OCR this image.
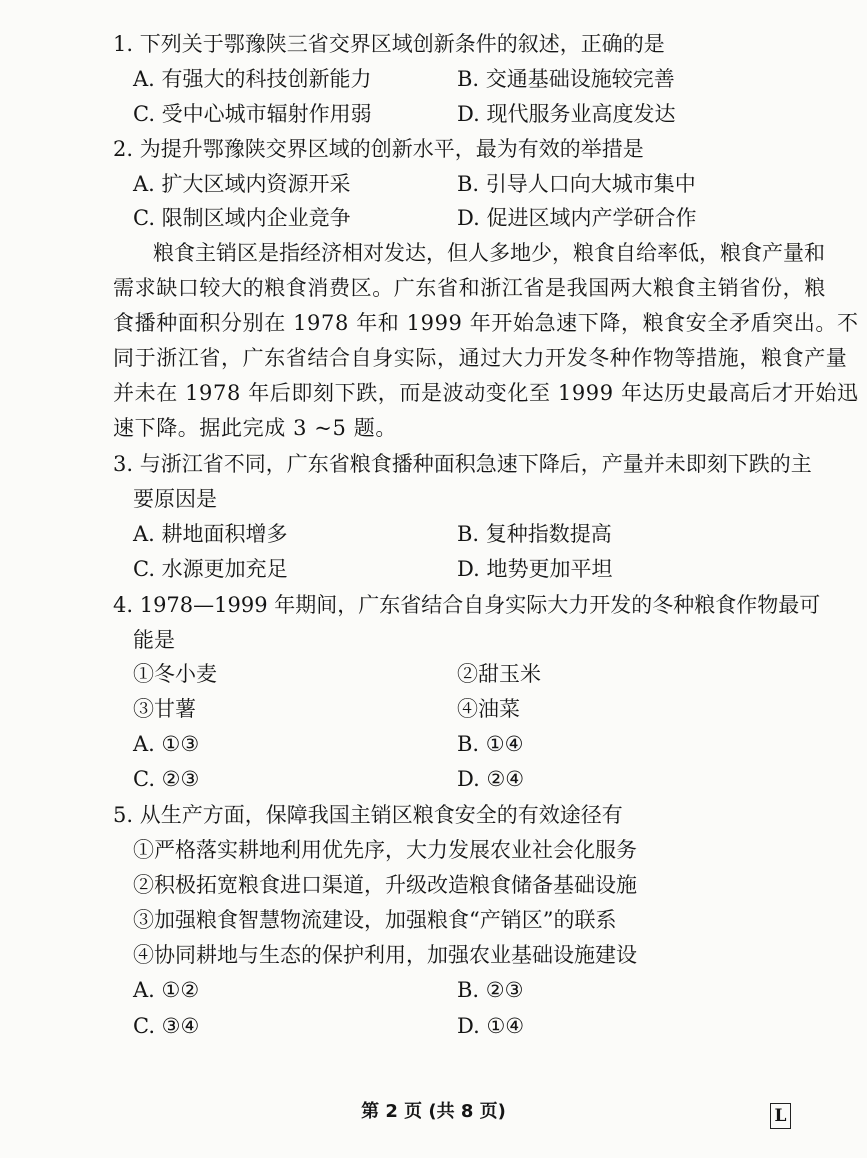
1. 下列关于鄂豫陕三省交界区域创新条件的叙述，正确的是
A. 有强大的科技创新能力	B. 交通基础设施较完善
C. 受中心城市辐射作用弱	D. 现代服务业高度发达
2. 为提升鄂豫陕交界区域的创新水平，最为有效的举措是
A. 扩大区域内资源开采	B. 引导人口向大城市集中
C. 限制区域内企业竞争	D. 促进区域内产学研合作
粮食主销区是指经济相对发达，但人多地少，粮食自给率低，粮食产量和
需求缺口较大的粮食消费区。广东省和浙江省是我国两大粮食主销省份，粮
食播种面积分别在 1978 年和 1999 年开始急速下降，粮食安全矛盾突出。不
同于浙江省，广东省结合自身实际，通过大力开发冬种作物等措施，粮食产量
并未在 1978 年后即刻下跌，而是波动变化至 1999 年达历史最高后才开始迅
速下降。据此完成 3 ~5 题。
3. 与浙江省不同，广东省粮食播种面积急速下降后，产量并未即刻下跌的主
要原因是
A. 耕地面积增多	B. 复种指数提高
C. 水源更加充足	D. 地势更加平坦
4. 1978—1999 年期间，广东省结合自身实际大力开发的冬种粮食作物最可
能是
①冬小麦	②甜玉米
③甘薯	④油菜
A. ①③	B. ①④
C. ②③	D. ②④
5. 从生产方面，保障我国主销区粮食安全的有效途径有
①严格落实耕地利用优先序，大力发展农业社会化服务
②积极拓宽粮食进口渠道，升级改造粮食储备基础设施
③加强粮食智慧物流建设，加强粮食“产销区”的联系
④协同耕地与生态的保护利用，加强农业基础设施建设
A. ①②	B. ②③
C. ③④	D. ①④
第 2 页 (共 8 页)	L
